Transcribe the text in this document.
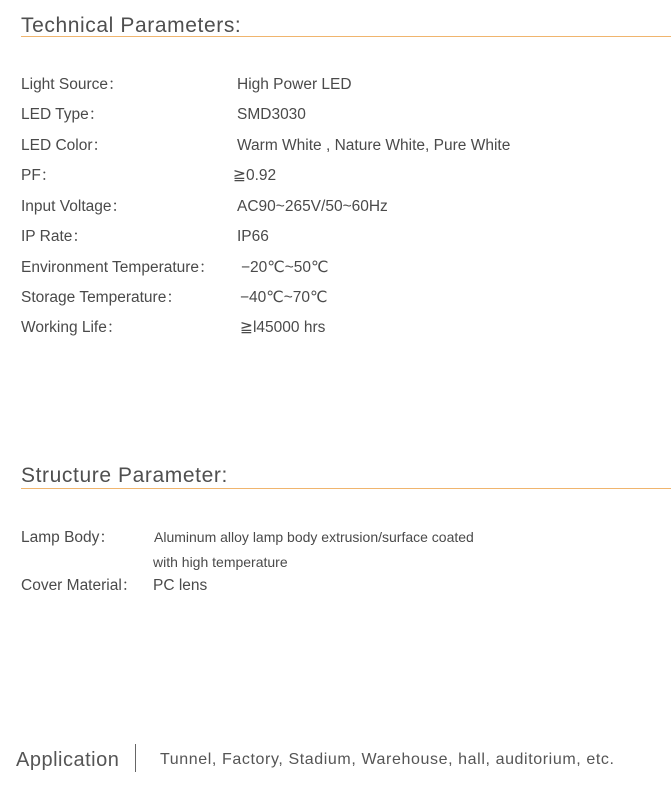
Technical Parameters:
Light Source：	High Power LED
LED Type：	SMD3030
LED Color：	Warm White , Nature White, Pure White
PF：	≧0.92
Input Voltage：	AC90~265V/50~60Hz
IP Rate：	IP66
Environment Temperature： −20℃~50℃
Storage Temperature：	−40℃~70℃
Working Life：	≧l45000 hrs
Structure Parameter:
Lamp Body：	Aluminum alloy lamp body extrusion/surface coated
with high temperature
Cover Material： PC lens
Application	Tunnel, Factory, Stadium, Warehouse, hall, auditorium, etc.
